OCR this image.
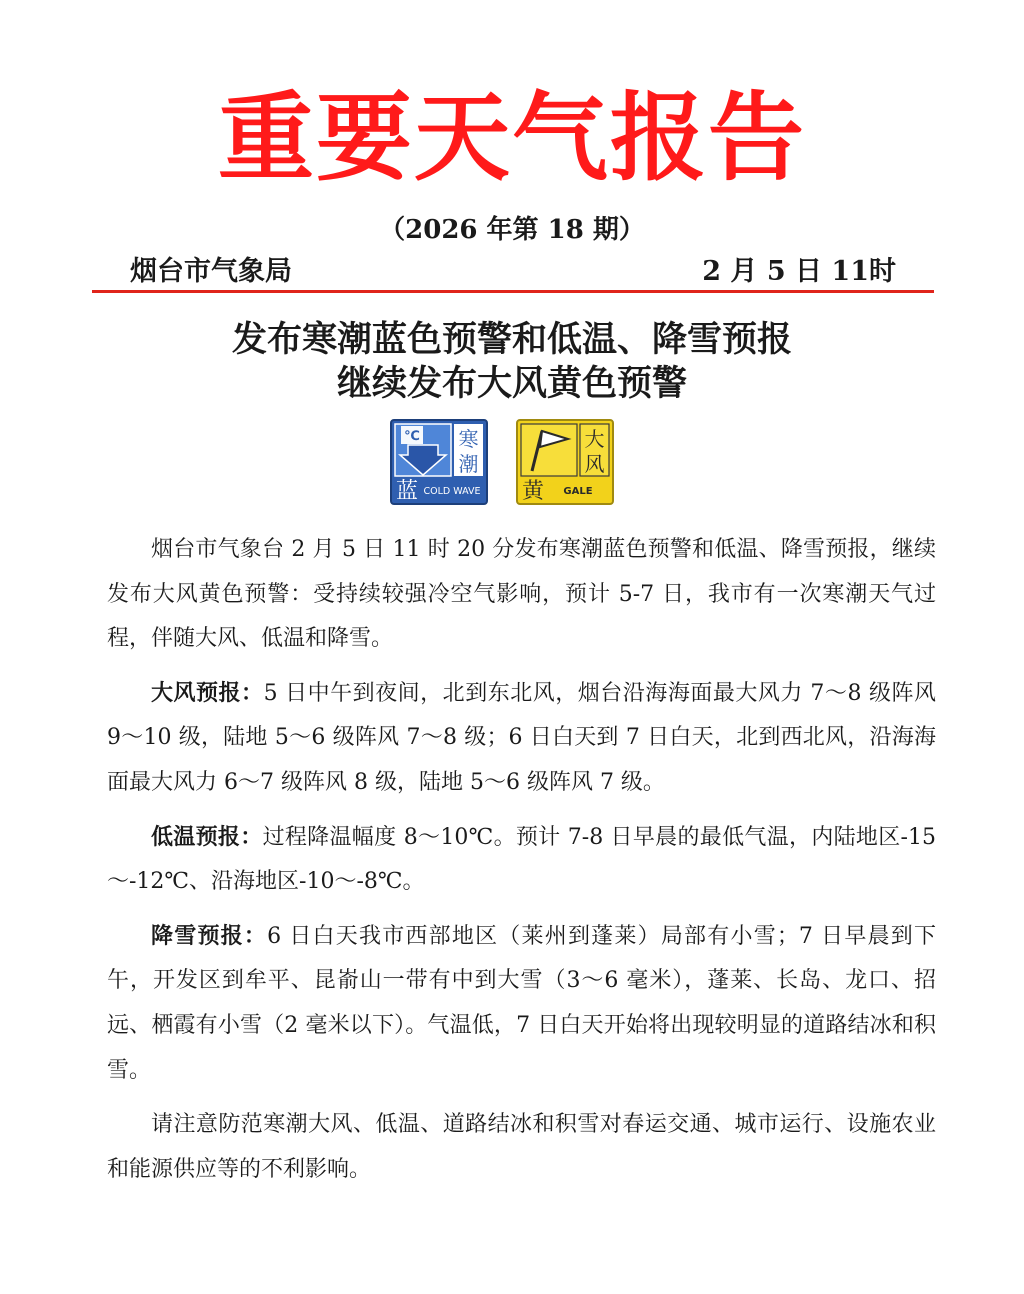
重要天气报告
（2026 年第 18 期）
烟台市气象局	2 月 5 日 11时
发布寒潮蓝色预警和低温、降雪预报
继续发布大风黄色预警
℃ 寒
潮
蓝 COLD WAVE
大
风
黄 GALE

烟台市气象台 2 月 5 日 11 时 20 分发布寒潮蓝色预警和低温、降雪预报，继续发布大风黄色预警：受持续较强冷空气影响，预计 5-7 日，我市有一次寒潮天气过程，伴随大风、低温和降雪。

大风预报：5 日中午到夜间，北到东北风，烟台沿海海面最大风力 7～8 级阵风 9～10 级，陆地 5～6 级阵风 7～8 级；6 日白天到 7 日白天，北到西北风，沿海海面最大风力 6～7 级阵风 8 级，陆地 5～6 级阵风 7 级。

低温预报：过程降温幅度 8～10℃。预计 7-8 日早晨的最低气温，内陆地区-15～-12℃、沿海地区-10～-8℃。

降雪预报：6 日白天我市西部地区（莱州到蓬莱）局部有小雪；7 日早晨到下午，开发区到牟平、昆嵛山一带有中到大雪（3～6 毫米），蓬莱、长岛、龙口、招远、栖霞有小雪（2 毫米以下）。气温低，7 日白天开始将出现较明显的道路结冰和积雪。

请注意防范寒潮大风、低温、道路结冰和积雪对春运交通、城市运行、设施农业和能源供应等的不利影响。
